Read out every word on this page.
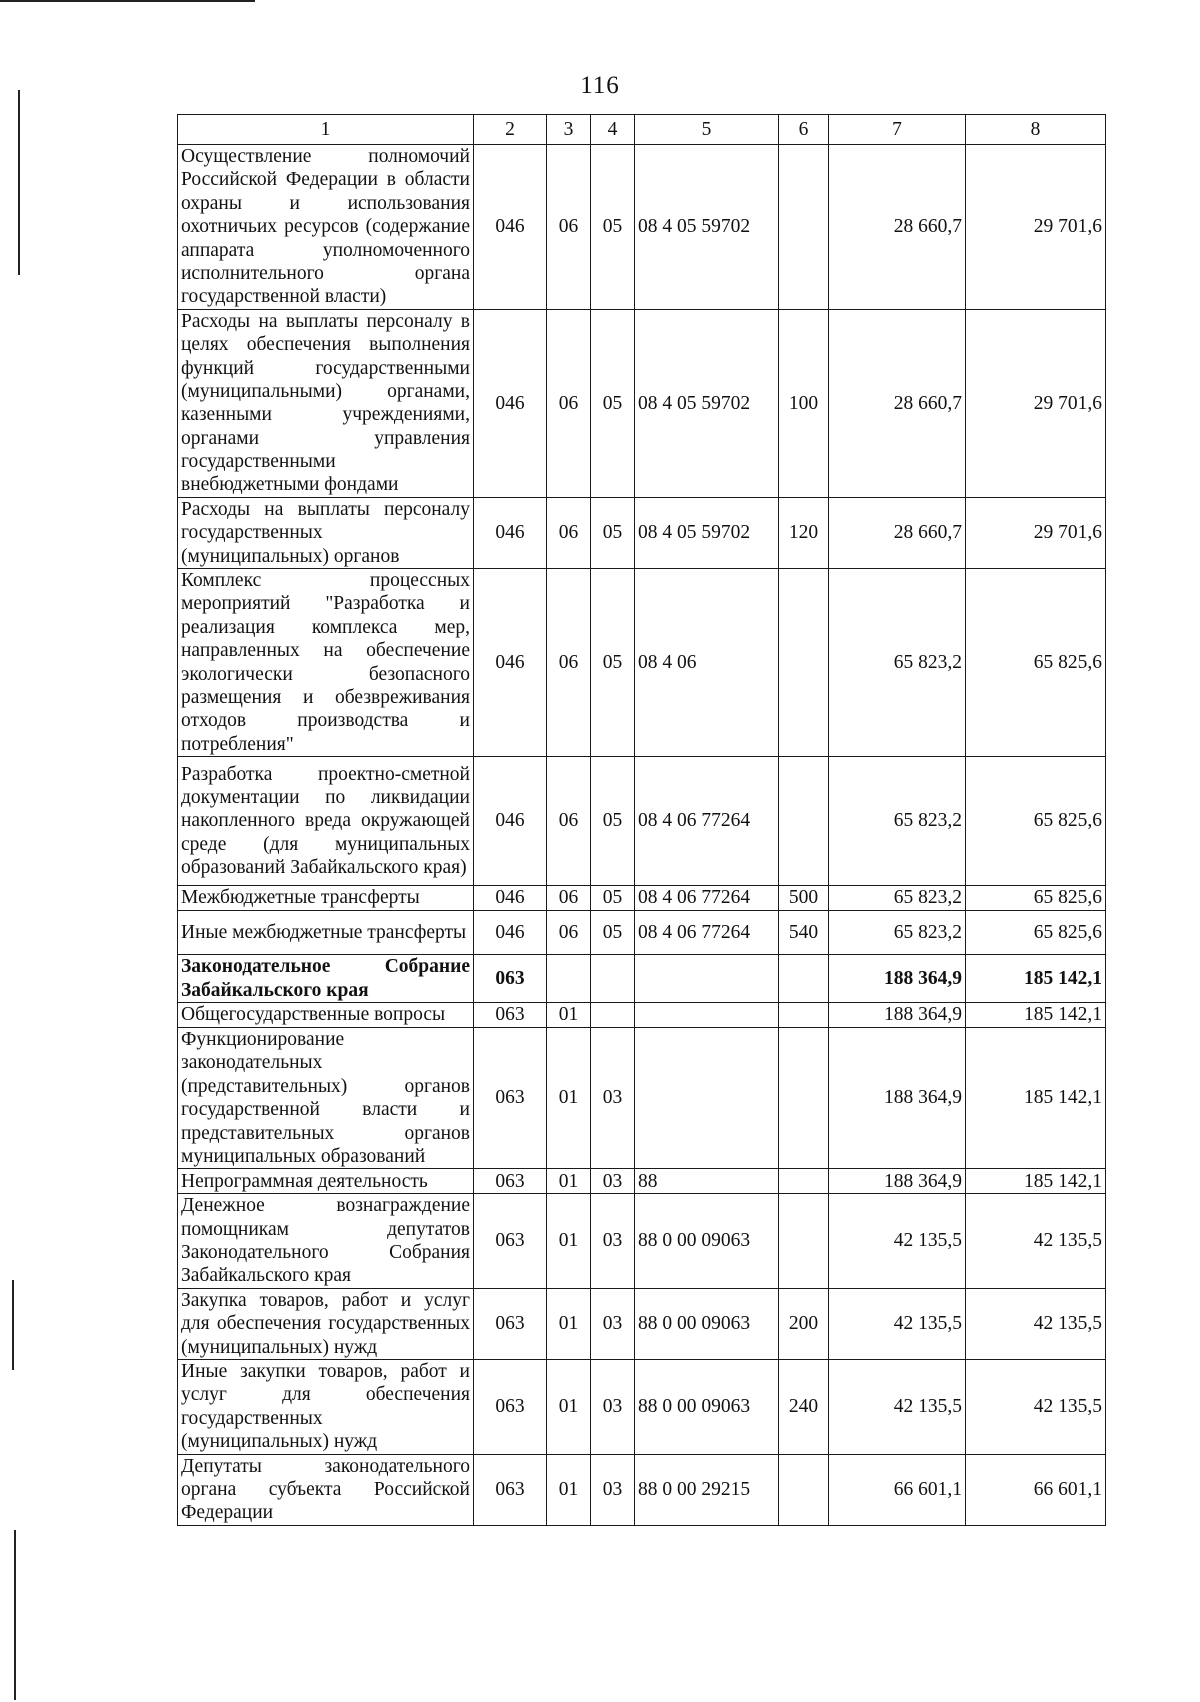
116
1	2	3	4	5	6	7	8
Осуществление полномочий Российской Федерации в области охраны и использования охотничьих ресурсов (содержание аппарата уполномоченного исполнительного органа государственной власти)	046	06	05	08 4 05 59702		28 660,7	29 701,6
Расходы на выплаты персоналу в целях обеспечения выполнения функций государственными (муниципальными) органами, казенными учреждениями, органами управления государственными внебюджетными фондами	046	06	05	08 4 05 59702	100	28 660,7	29 701,6
Расходы на выплаты персоналу государственных (муниципальных) органов	046	06	05	08 4 05 59702	120	28 660,7	29 701,6
Комплекс процессных мероприятий "Разработка и реализация комплекса мер, направленных на обеспечение экологически безопасного размещения и обезвреживания отходов производства и потребления"	046	06	05	08 4 06		65 823,2	65 825,6
Разработка проектно-сметной документации по ликвидации накопленного вреда окружающей среде (для муниципальных образований Забайкальского края)	046	06	05	08 4 06 77264		65 823,2	65 825,6
Межбюджетные трансферты	046	06	05	08 4 06 77264	500	65 823,2	65 825,6
Иные межбюджетные трансферты	046	06	05	08 4 06 77264	540	65 823,2	65 825,6
Законодательное Собрание Забайкальского края	063					188 364,9	185 142,1
Общегосударственные вопросы	063	01				188 364,9	185 142,1
Функционирование законодательных (представительных) органов государственной власти и представительных органов муниципальных образований	063	01	03			188 364,9	185 142,1
Непрограммная деятельность	063	01	03	88		188 364,9	185 142,1
Денежное вознаграждение помощникам депутатов Законодательного Собрания Забайкальского края	063	01	03	88 0 00 09063		42 135,5	42 135,5
Закупка товаров, работ и услуг для обеспечения государственных (муниципальных) нужд	063	01	03	88 0 00 09063	200	42 135,5	42 135,5
Иные закупки товаров, работ и услуг для обеспечения государственных (муниципальных) нужд	063	01	03	88 0 00 09063	240	42 135,5	42 135,5
Депутаты законодательного органа субъекта Российской Федерации	063	01	03	88 0 00 29215		66 601,1	66 601,1
